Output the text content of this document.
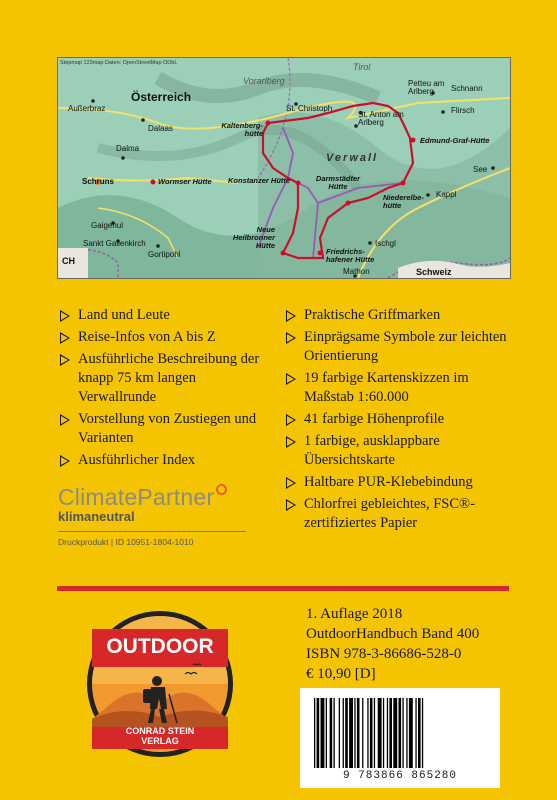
Stepmap 123map Daten: OpenStreetMap ODbL
Vorarlberg
Tirol
Österreich
Außerbraz
Dalaas
Dalma
Schruns
St. Christoph
Petteu am Arlberg	Schnann
Flirsch
St. Anton am Arlberg
Kaltenberg-hütte
Edmund-Graf-Hütte
Verwall
See
Wormser Hütte Konstanzer Hütte	Darmstädter Hütte
Niederelbe-hütte
Kappl
Gaigenul
Sankt Gallenkirch
Gortipohl
Neue Heilbronner Hütte	Ischgl
Friedrichs-hafener Hütte
CH
Schweiz
Mathon
Land und Leute
Reise-Infos von A bis Z
Ausführliche Beschreibung der knapp 75 km langen Verwallrunde
Vorstellung von Zustiegen und Varianten
Ausführlicher Index
Praktische Griffmarken
Einprägsame Symbole zur leichten Orientierung
19 farbige Kartenskizzen im Maßstab 1:60.000
41 farbige Höhenprofile
1 farbige, ausklappbare Übersichtskarte
Haltbare PUR-Klebebindung
Chlorfrei gebleichtes, FSC®-zertifiziertes Papier
ClimatePartner
klimaneutral
Druckprodukt | ID 10951-1804-1010
OUTDOOR
CONRAD STEIN
VERLAG
1. Auflage 2018
OutdoorHandbuch Band 400
ISBN 978-3-86686-528-0
€ 10,90 [D]
9 783866 865280
